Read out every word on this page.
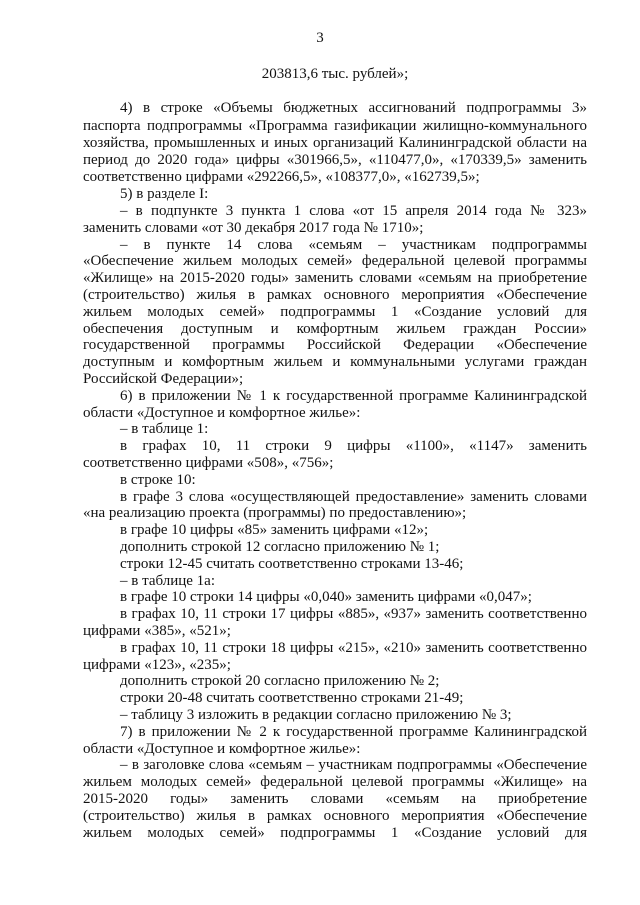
3
203813,6 тыс. рублей»;
4) в строке «Объемы бюджетных ассигнований подпрограммы 3»
паспорта подпрограммы «Программа газификации жилищно-коммунального
хозяйства, промышленных и иных организаций Калининградской области на
период до 2020 года» цифры «301966,5», «110477,0», «170339,5» заменить
соответственно цифрами «292266,5», «108377,0», «162739,5»;
5) в разделе I:
– в подпункте 3 пункта 1 слова «от 15 апреля 2014 года № 323»
заменить словами «от 30 декабря 2017 года № 1710»;
– в пункте 14 слова «семьям – участникам подпрограммы
«Обеспечение жильем молодых семей» федеральной целевой программы
«Жилище» на 2015-2020 годы» заменить словами «семьям на приобретение
(строительство) жилья в рамках основного мероприятия «Обеспечение
жильем молодых семей» подпрограммы 1 «Создание условий для
обеспечения доступным и комфортным жильем граждан России»
государственной программы Российской Федерации «Обеспечение
доступным и комфортным жильем и коммунальными услугами граждан
Российской Федерации»;
6) в приложении № 1 к государственной программе Калининградской
области «Доступное и комфортное жилье»:
– в таблице 1:
в графах 10, 11 строки 9 цифры «1100», «1147» заменить
соответственно цифрами «508», «756»;
в строке 10:
в графе 3 слова «осуществляющей предоставление» заменить словами
«на реализацию проекта (программы) по предоставлению»;
в графе 10 цифры «85» заменить цифрами «12»;
дополнить строкой 12 согласно приложению № 1;
строки 12-45 считать соответственно строками 13-46;
– в таблице 1а:
в графе 10 строки 14 цифры «0,040» заменить цифрами «0,047»;
в графах 10, 11 строки 17 цифры «885», «937» заменить соответственно
цифрами «385», «521»;
в графах 10, 11 строки 18 цифры «215», «210» заменить соответственно
цифрами «123», «235»;
дополнить строкой 20 согласно приложению № 2;
строки 20-48 считать соответственно строками 21-49;
– таблицу 3 изложить в редакции согласно приложению № 3;
7) в приложении № 2 к государственной программе Калининградской
области «Доступное и комфортное жилье»:
– в заголовке слова «семьям – участникам подпрограммы «Обеспечение
жильем молодых семей» федеральной целевой программы «Жилище» на
2015-2020 годы» заменить словами «семьям на приобретение
(строительство) жилья в рамках основного мероприятия «Обеспечение
жильем молодых семей» подпрограммы 1 «Создание условий для
